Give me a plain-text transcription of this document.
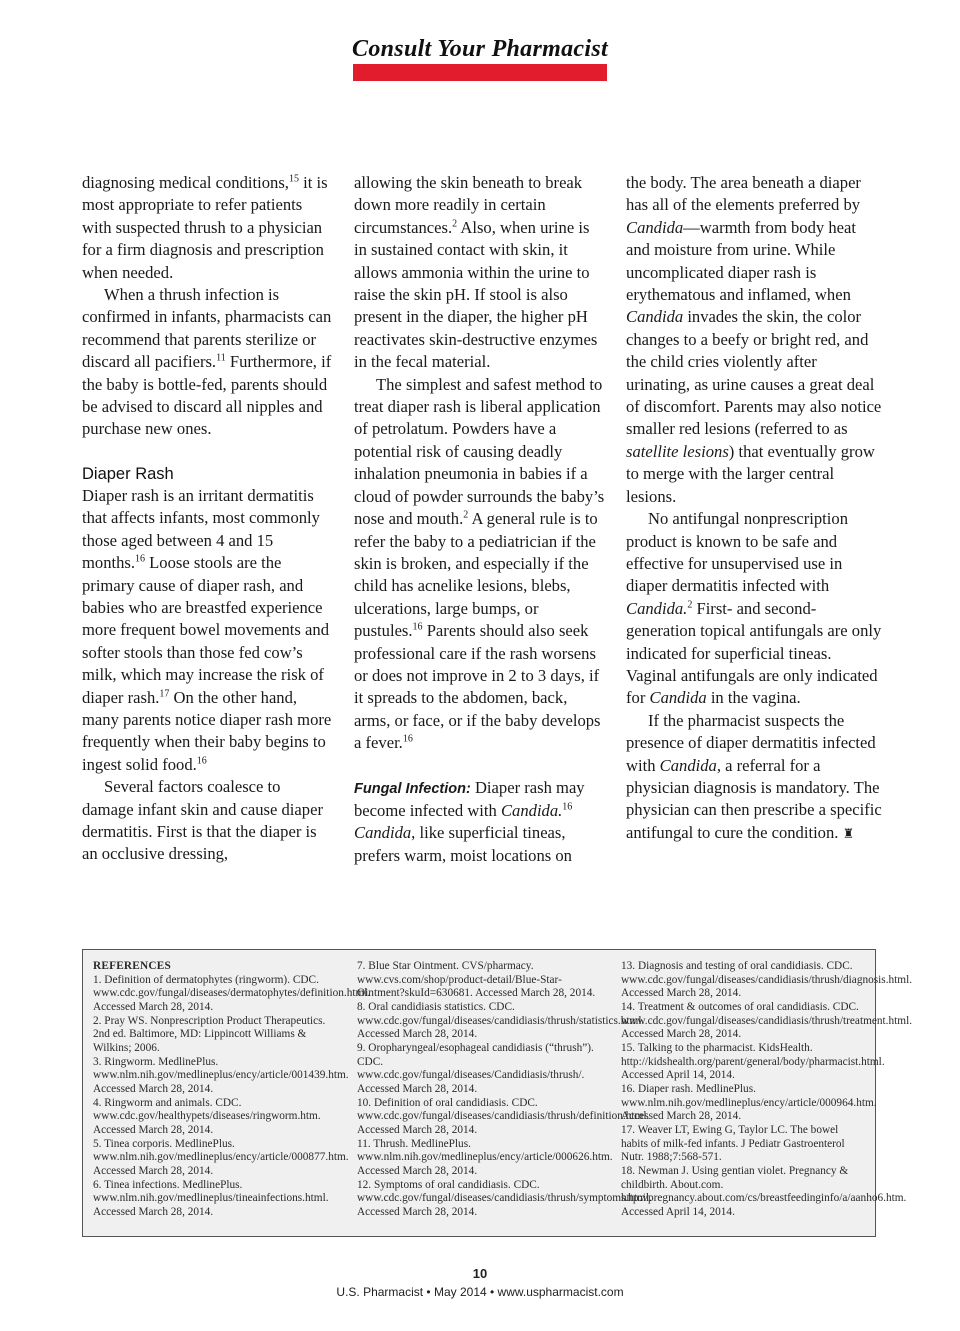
Consult Your Pharmacist

diagnosing medical conditions,$^{15}$ it is most appropriate to refer patients with suspected thrush to a physician for a firm diagnosis and prescription when needed.

When a thrush infection is confirmed in infants, pharmacists can recommend that parents sterilize or discard all pacifiers.$^{11}$ Furthermore, if the baby is bottle-fed, parents should be advised to discard all nipples and purchase new ones.

Diaper Rash

Diaper rash is an irritant dermatitis that affects infants, most commonly those aged between 4 and 15 months.$^{16}$ Loose stools are the primary cause of diaper rash, and babies who are breastfed experience more frequent bowel movements and softer stools than those fed cow’s milk, which may increase the risk of diaper rash.$^{17}$ On the other hand, many parents notice diaper rash more frequently when their baby begins to ingest solid food.$^{16}$

Several factors coalesce to damage infant skin and cause diaper dermatitis. First is that the diaper is an occlusive dressing,

allowing the skin beneath to break down more readily in certain circumstances.$^2$ Also, when urine is in sustained contact with skin, it allows ammonia within the urine to raise the skin pH. If stool is also present in the diaper, the higher pH reactivates skin-destructive enzymes in the fecal material.

The simplest and safest method to treat diaper rash is liberal application of petrolatum. Powders have a potential risk of causing deadly inhalation pneumonia in babies if a cloud of powder surrounds the baby’s nose and mouth.$^2$ A general rule is to refer the baby to a pediatrician if the skin is broken, and especially if the child has acnelike lesions, blebs, ulcerations, large bumps, or pustules.$^{16}$ Parents should also seek professional care if the rash worsens or does not improve in 2 to 3 days, if it spreads to the abdomen, back, arms, or face, or if the baby develops a fever.$^{16}$

Fungal Infection: Diaper rash may become infected with Candida.$^{16}$ Candida, like superficial tineas, prefers warm, moist locations on

the body. The area beneath a diaper has all of the elements preferred by Candida—warmth from body heat and moisture from urine. While uncomplicated diaper rash is erythematous and inflamed, when Candida invades the skin, the color changes to a beefy or bright red, and the child cries violently after urinating, as urine causes a great deal of discomfort. Parents may also notice smaller red lesions (referred to as satellite lesions) that eventually grow to merge with the larger central lesions.

No antifungal nonprescription product is known to be safe and effective for unsupervised use in diaper dermatitis infected with Candida.$^2$ First- and second-generation topical antifungals are only indicated for superficial tineas. Vaginal antifungals are only indicated for Candida in the vagina.

If the pharmacist suspects the presence of diaper dermatitis infected with Candida, a referral for a physician diagnosis is mandatory. The physician can then prescribe a specific antifungal to cure the condition. ♜

REFERENCES

1. Definition of dermatophytes (ringworm). CDC. www.cdc.gov/fungal/diseases/dermatophytes/definition.html. Accessed March 28, 2014.

2. Pray WS. Nonprescription Product Therapeutics. 2nd ed. Baltimore, MD: Lippincott Williams & Wilkins; 2006.

3. Ringworm. MedlinePlus. www.nlm.nih.gov/medlineplus/ency/article/001439.htm. Accessed March 28, 2014.

4. Ringworm and animals. CDC. www.cdc.gov/healthypets/diseases/ringworm.htm. Accessed March 28, 2014.

5. Tinea corporis. MedlinePlus. www.nlm.nih.gov/medlineplus/ency/article/000877.htm. Accessed March 28, 2014.

6. Tinea infections. MedlinePlus. www.nlm.nih.gov/medlineplus/tineainfections.html. Accessed March 28, 2014.

7. Blue Star Ointment. CVS/pharmacy. www.cvs.com/shop/product-detail/Blue-Star-Ointment?skuId=630681. Accessed March 28, 2014.

8. Oral candidiasis statistics. CDC. www.cdc.gov/fungal/diseases/candidiasis/thrush/statistics.html. Accessed March 28, 2014.

9. Oropharyngeal/esophageal candidiasis (“thrush”). CDC. www.cdc.gov/fungal/diseases/Candidiasis/thrush/. Accessed March 28, 2014.

10. Definition of oral candidiasis. CDC. www.cdc.gov/fungal/diseases/candidiasis/thrush/definition.html. Accessed March 28, 2014.

11. Thrush. MedlinePlus. www.nlm.nih.gov/medlineplus/ency/article/000626.htm. Accessed March 28, 2014.

12. Symptoms of oral candidiasis. CDC. www.cdc.gov/fungal/diseases/candidiasis/thrush/symptoms.html. Accessed March 28, 2014.

13. Diagnosis and testing of oral candidiasis. CDC. www.cdc.gov/fungal/diseases/candidiasis/thrush/diagnosis.html. Accessed March 28, 2014.

14. Treatment & outcomes of oral candidiasis. CDC. www.cdc.gov/fungal/diseases/candidiasis/thrush/treatment.html. Accessed March 28, 2014.

15. Talking to the pharmacist. KidsHealth. http://kidshealth.org/parent/general/body/pharmacist.html. Accessed April 14, 2014.

16. Diaper rash. MedlinePlus. www.nlm.nih.gov/medlineplus/ency/article/000964.htm. Accessed March 28, 2014.

17. Weaver LT, Ewing G, Taylor LC. The bowel habits of milk-fed infants. J Pediatr Gastroenterol Nutr. 1988;7:568-571.

18. Newman J. Using gentian violet. Pregnancy & childbirth. About.com. http://pregnancy.about.com/cs/breastfeedinginfo/a/aanho6.htm. Accessed April 14, 2014.

10
U.S. Pharmacist • May 2014 • www.uspharmacist.com
